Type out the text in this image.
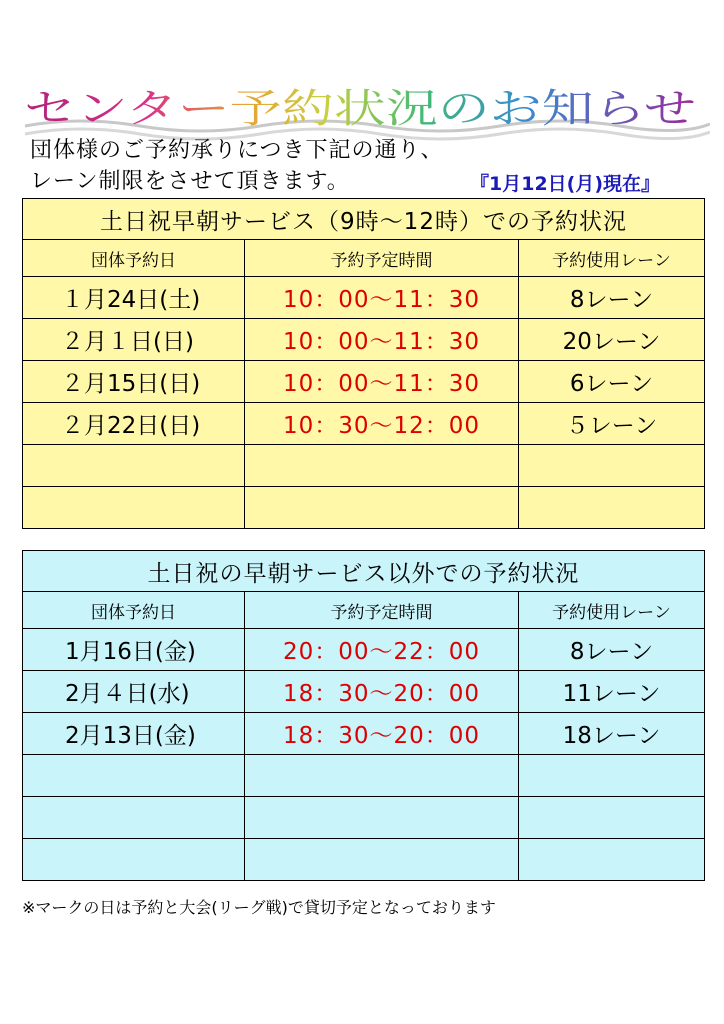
センター予約状況のお知らせ
団体様のご予約承りにつき下記の通り、
レーン制限をさせて頂きます。	『1月12日(月)現在』
土日祝早朝サービス（9時～12時）での予約状況		
団体予約日	予約予定時間	予約使用レーン
１月24日(土)	10：00～11：30	8レーン
２月１日(日)	10：00～11：30	20レーン
２月15日(日)	10：00～11：30	6レーン
２月22日(日)	10：30～12：00	５レーン

土日祝の早朝サービス以外での予約状況		
団体予約日	予約予定時間	予約使用レーン
1月16日(金)	20：00～22：00	8レーン
2月４日(水)	18：30～20：00	11レーン
2月13日(金)	18：30～20：00	18レーン

※マークの日は予約と大会(リーグ戦)で貸切予定となっております
